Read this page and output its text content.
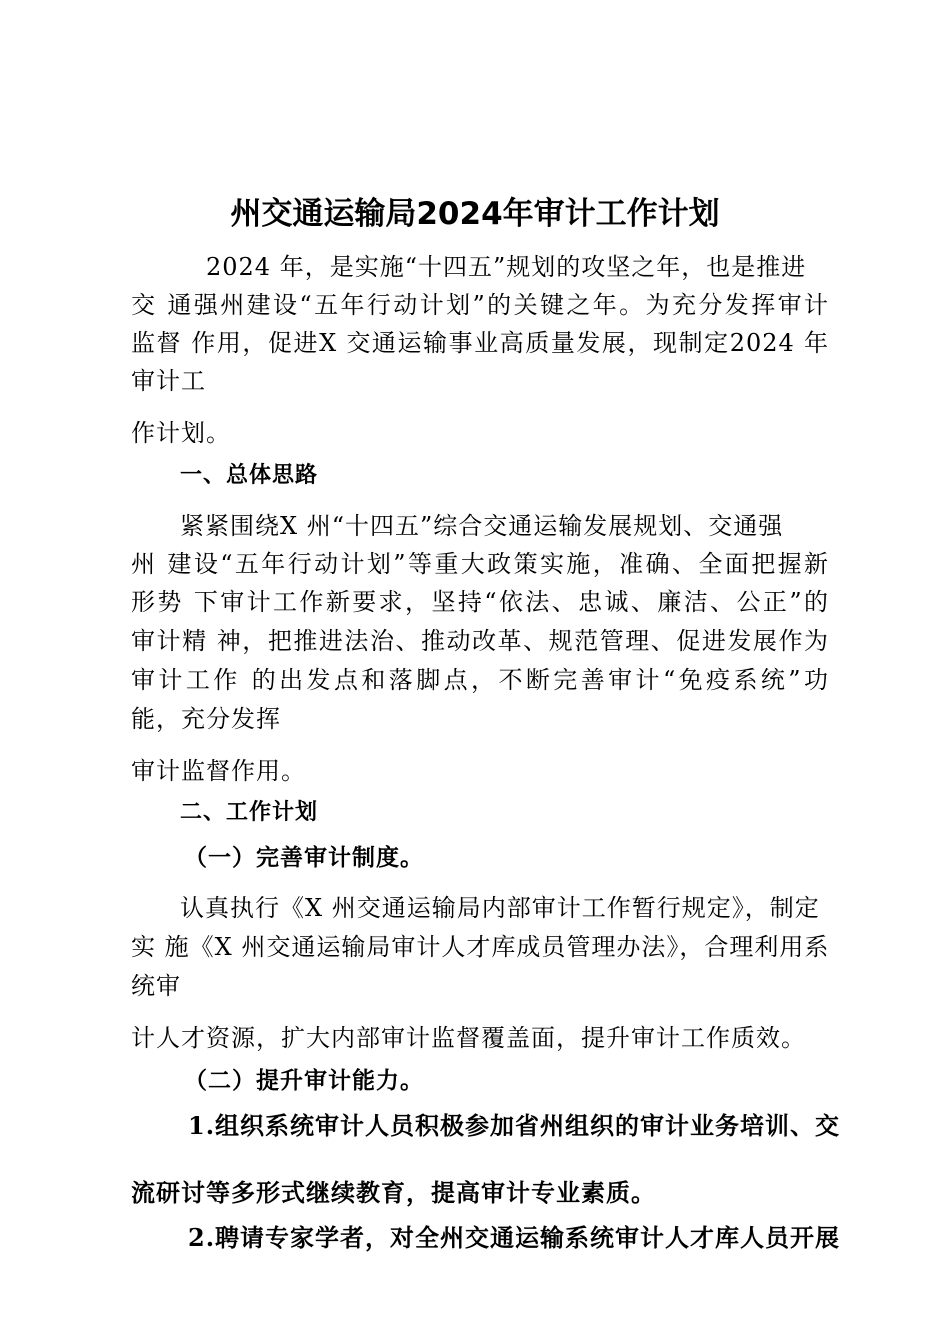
州交通运输局2024年审计工作计划
2024 年，是实施“十四五”规划的攻坚之年，也是推进
交 通强州建设“五年行动计划”的关键之年。为充分发挥审计
监督 作用，促进X 交通运输事业高质量发展，现制定2024 年
审计工
作计划。
一、总体思路
紧紧围绕X 州“十四五”综合交通运输发展规划、交通强
州 建设“五年行动计划”等重大政策实施，准确、全面把握新
形势 下审计工作新要求，坚持“依法、忠诚、廉洁、公正”的
审计精 神，把推进法治、推动改革、规范管理、促进发展作为
审计工作 的出发点和落脚点，不断完善审计“免疫系统”功
能，充分发挥
审计监督作用。
二、工作计划
（一）完善审计制度。
认真执行《X 州交通运输局内部审计工作暂行规定》，制定
实 施《X 州交通运输局审计人才库成员管理办法》，合理利用系
统审
计人才资源，扩大内部审计监督覆盖面，提升审计工作质效。
（二）提升审计能力。
1.组织系统审计人员积极参加省州组织的审计业务培训、交
流研讨等多形式继续教育，提高审计专业素质。
2.聘请专家学者，对全州交通运输系统审计人才库人员开展
